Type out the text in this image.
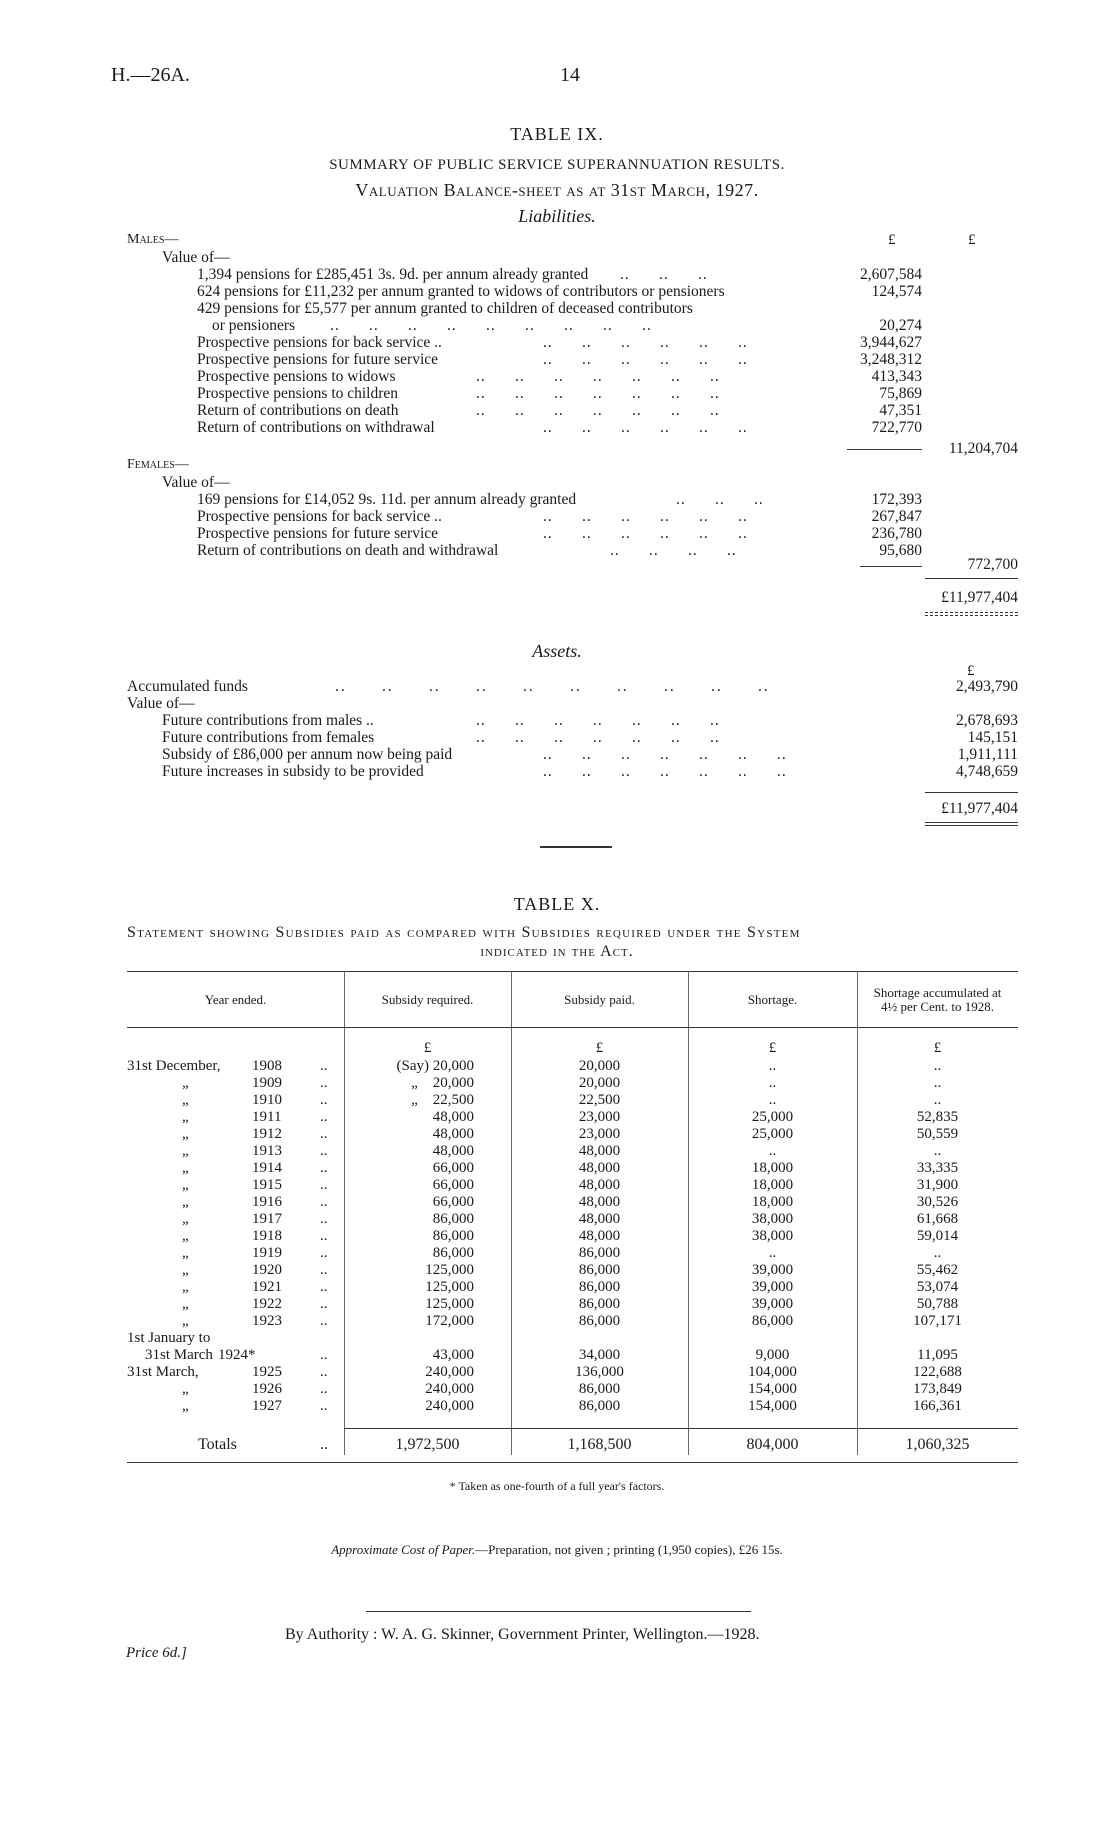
H.—26A.	14
TABLE IX.
SUMMARY OF PUBLIC SERVICE SUPERANNUATION RESULTS.
Valuation Balance-sheet as at 31st March, 1927.
Liabilities.
Males—	£	£
Value of—
1,394 pensions for £285,451 3s. 9d. per annum already granted ..      ..      ..	2,607,584
624 pensions for £11,232 per annum granted to widows of contributors or pensioners	124,574
429 pensions for £5,577 per annum granted to children of deceased contributors
or pensioners ..      ..      ..      ..      ..      ..      ..      ..      ..	20,274
Prospective pensions for back service ..	..      ..      ..      ..      ..      ..	3,944,627
Prospective pensions for future service	..      ..      ..      ..      ..      ..	3,248,312
Prospective pensions to widows	..      ..      ..      ..      ..      ..      ..	413,343
Prospective pensions to children	..      ..      ..      ..      ..      ..      ..	75,869
Return of contributions on death	..      ..      ..      ..      ..      ..      ..	47,351
Return of contributions on withdrawal	..      ..      ..      ..      ..      ..	722,770
11,204,704
Females—
Value of—
169 pensions for £14,052 9s. 11d. per annum already granted	..      ..      ..	172,393
Prospective pensions for back service ..	..      ..      ..      ..      ..      ..	267,847
Prospective pensions for future service	..      ..      ..      ..      ..      ..	236,780
Return of contributions on death and withdrawal	..      ..      ..      ..	95,680
772,700
£11,977,404
Assets.
£
Accumulated funds	..      ..      ..      ..      ..      ..      ..      ..      ..      ..	2,493,790
Value of—
Future contributions from males ..	..      ..      ..      ..      ..      ..      ..	2,678,693
Future contributions from females	..      ..      ..      ..      ..      ..      ..	145,151
Subsidy of £86,000 per annum now being paid	..      ..      ..      ..      ..      ..      ..	1,911,111
Future increases in subsidy to be provided	..      ..      ..      ..      ..      ..      ..	4,748,659
£11,977,404
TABLE X.
Statement showing Subsidies paid as compared with Subsidies required under the System
indicated in the Act.
Year ended.	Subsidy required.	Subsidy paid.	Shortage.	Shortage accumulated at
4½ per Cent. to 1928.
£	£	£	£
31st December, 1908	..	(Say) 20,000	20,000	..	..
„	1909	..	„    20,000	20,000	..	..
„	1910	..	„    22,500	22,500	..	..
„	1911	..	48,000	23,000	25,000	52,835
„	1912	..	48,000	23,000	25,000	50,559
„	1913	..	48,000	48,000	..	..
„	1914	..	66,000	48,000	18,000	33,335
„	1915	..	66,000	48,000	18,000	31,900
„	1916	..	66,000	48,000	18,000	30,526
„	1917	..	86,000	48,000	38,000	61,668
„	1918	..	86,000	48,000	38,000	59,014
„	1919	..	86,000	86,000	..	..
„	1920	..	125,000	86,000	39,000	55,462
„	1921	..	125,000	86,000	39,000	53,074
„	1922	..	125,000	86,000	39,000	50,788
„	1923	..	172,000	86,000	86,000	107,171
1st January to
31st March 1924*	..	43,000	34,000	9,000	11,095
31st March,	1925	..	240,000	136,000	104,000	122,688
„	1926	..	240,000	86,000	154,000	173,849
„	1927	..	240,000	86,000	154,000	166,361
Totals	..	1,972,500	1,168,500	804,000	1,060,325
* Taken as one-fourth of a full year's factors.
Approximate Cost of Paper.—Preparation, not given ; printing (1,950 copies), £26 15s.
By Authority : W. A. G. Skinner, Government Printer, Wellington.—1928.
Price 6d.]
